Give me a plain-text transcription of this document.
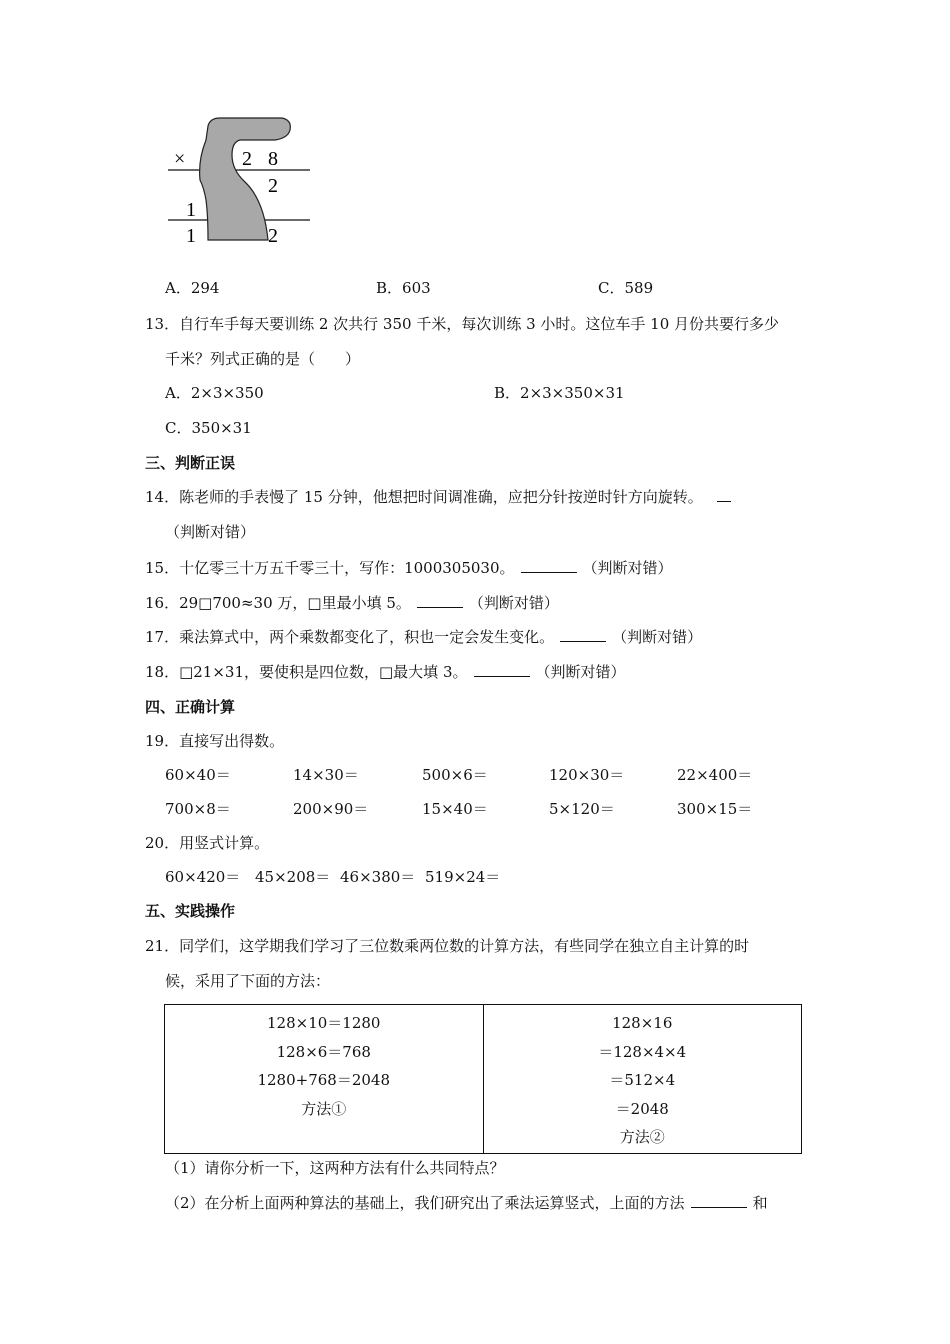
×	2 8
2
1
1	2
A．294	B．603	C．589
13．自行车手每天要训练 2 次共行 350 千米，每次训练 3 小时。这位车手 10 月份共要行多少
千米？列式正确的是（　　）
A．2×3×350	B．2×3×350×31
C．350×31
三、判断正误
14．陈老师的手表慢了 15 分钟，他想把时间调准确，应把分针按逆时针方向旋转。
（判断对错）
15．十亿零三十万五千零三十，写作：1000305030。	（判断对错）
16．29□700≈30 万，□里最小填 5。	（判断对错）
17．乘法算式中，两个乘数都变化了，积也一定会发生变化。	（判断对错）
18．□21×31，要使积是四位数，□最大填 3。	（判断对错）
四、正确计算
19．直接写出得数。
60×40＝	14×30＝	500×6＝	120×30＝	22×400＝
700×8＝	200×90＝	15×40＝	5×120＝	300×15＝
20．用竖式计算。
60×420＝ 45×208＝ 46×380＝ 519×24＝
五、实践操作
21．同学们，这学期我们学习了三位数乘两位数的计算方法，有些同学在独立自主计算的时
候，采用了下面的方法：
128×10＝1280
128×6＝768
1280+768＝2048
方法①

128×16
＝128×4×4
＝512×4
＝2048
方法②
（1）请你分析一下，这两种方法有什么共同特点？
（2）在分析上面两种算法的基础上，我们研究出了乘法运算竖式，上面的方法	和
